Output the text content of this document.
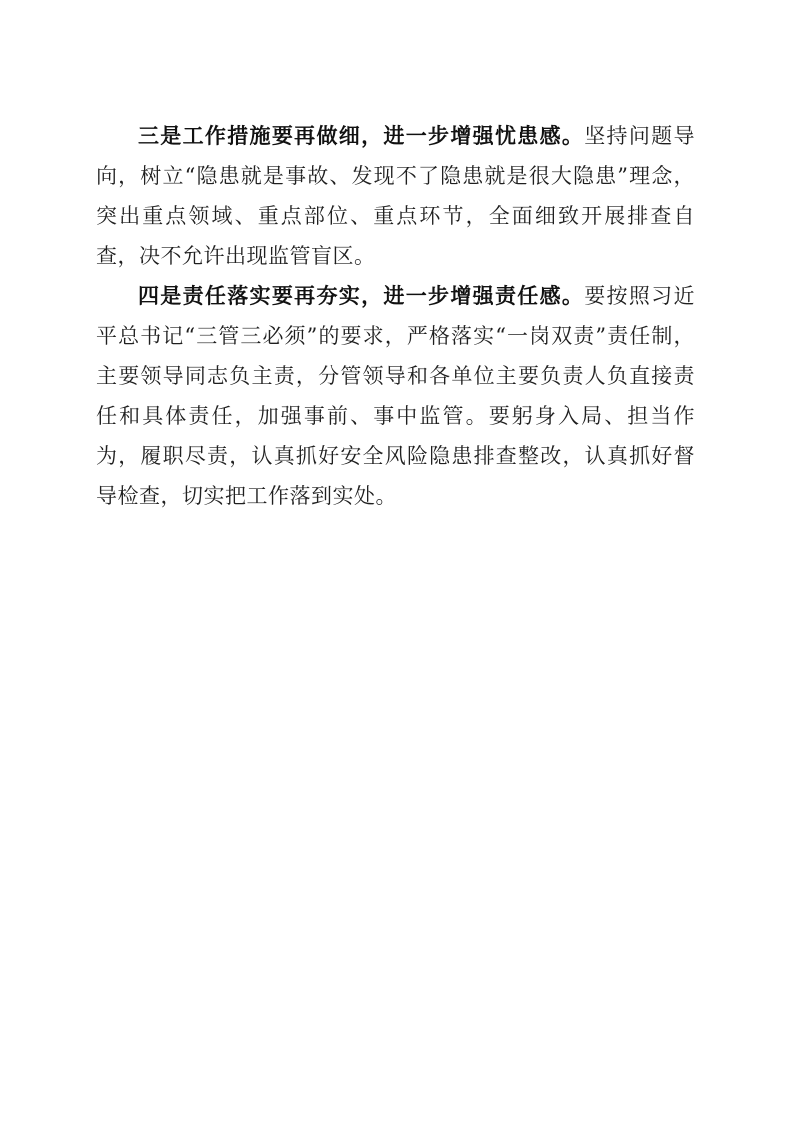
三是工作措施要再做细，进一步增强忧患感。坚持问题导向，树立“隐患就是事故、发现不了隐患就是很大隐患”理念，突出重点领域、重点部位、重点环节，全面细致开展排查自查，决不允许出现监管盲区。

四是责任落实要再夯实，进一步增强责任感。要按照习近平总书记“三管三必须”的要求，严格落实“一岗双责”责任制，主要领导同志负主责，分管领导和各单位主要负责人负直接责任和具体责任，加强事前、事中监管。要躬身入局、担当作为，履职尽责，认真抓好安全风险隐患排查整改，认真抓好督导检查，切实把工作落到实处。
